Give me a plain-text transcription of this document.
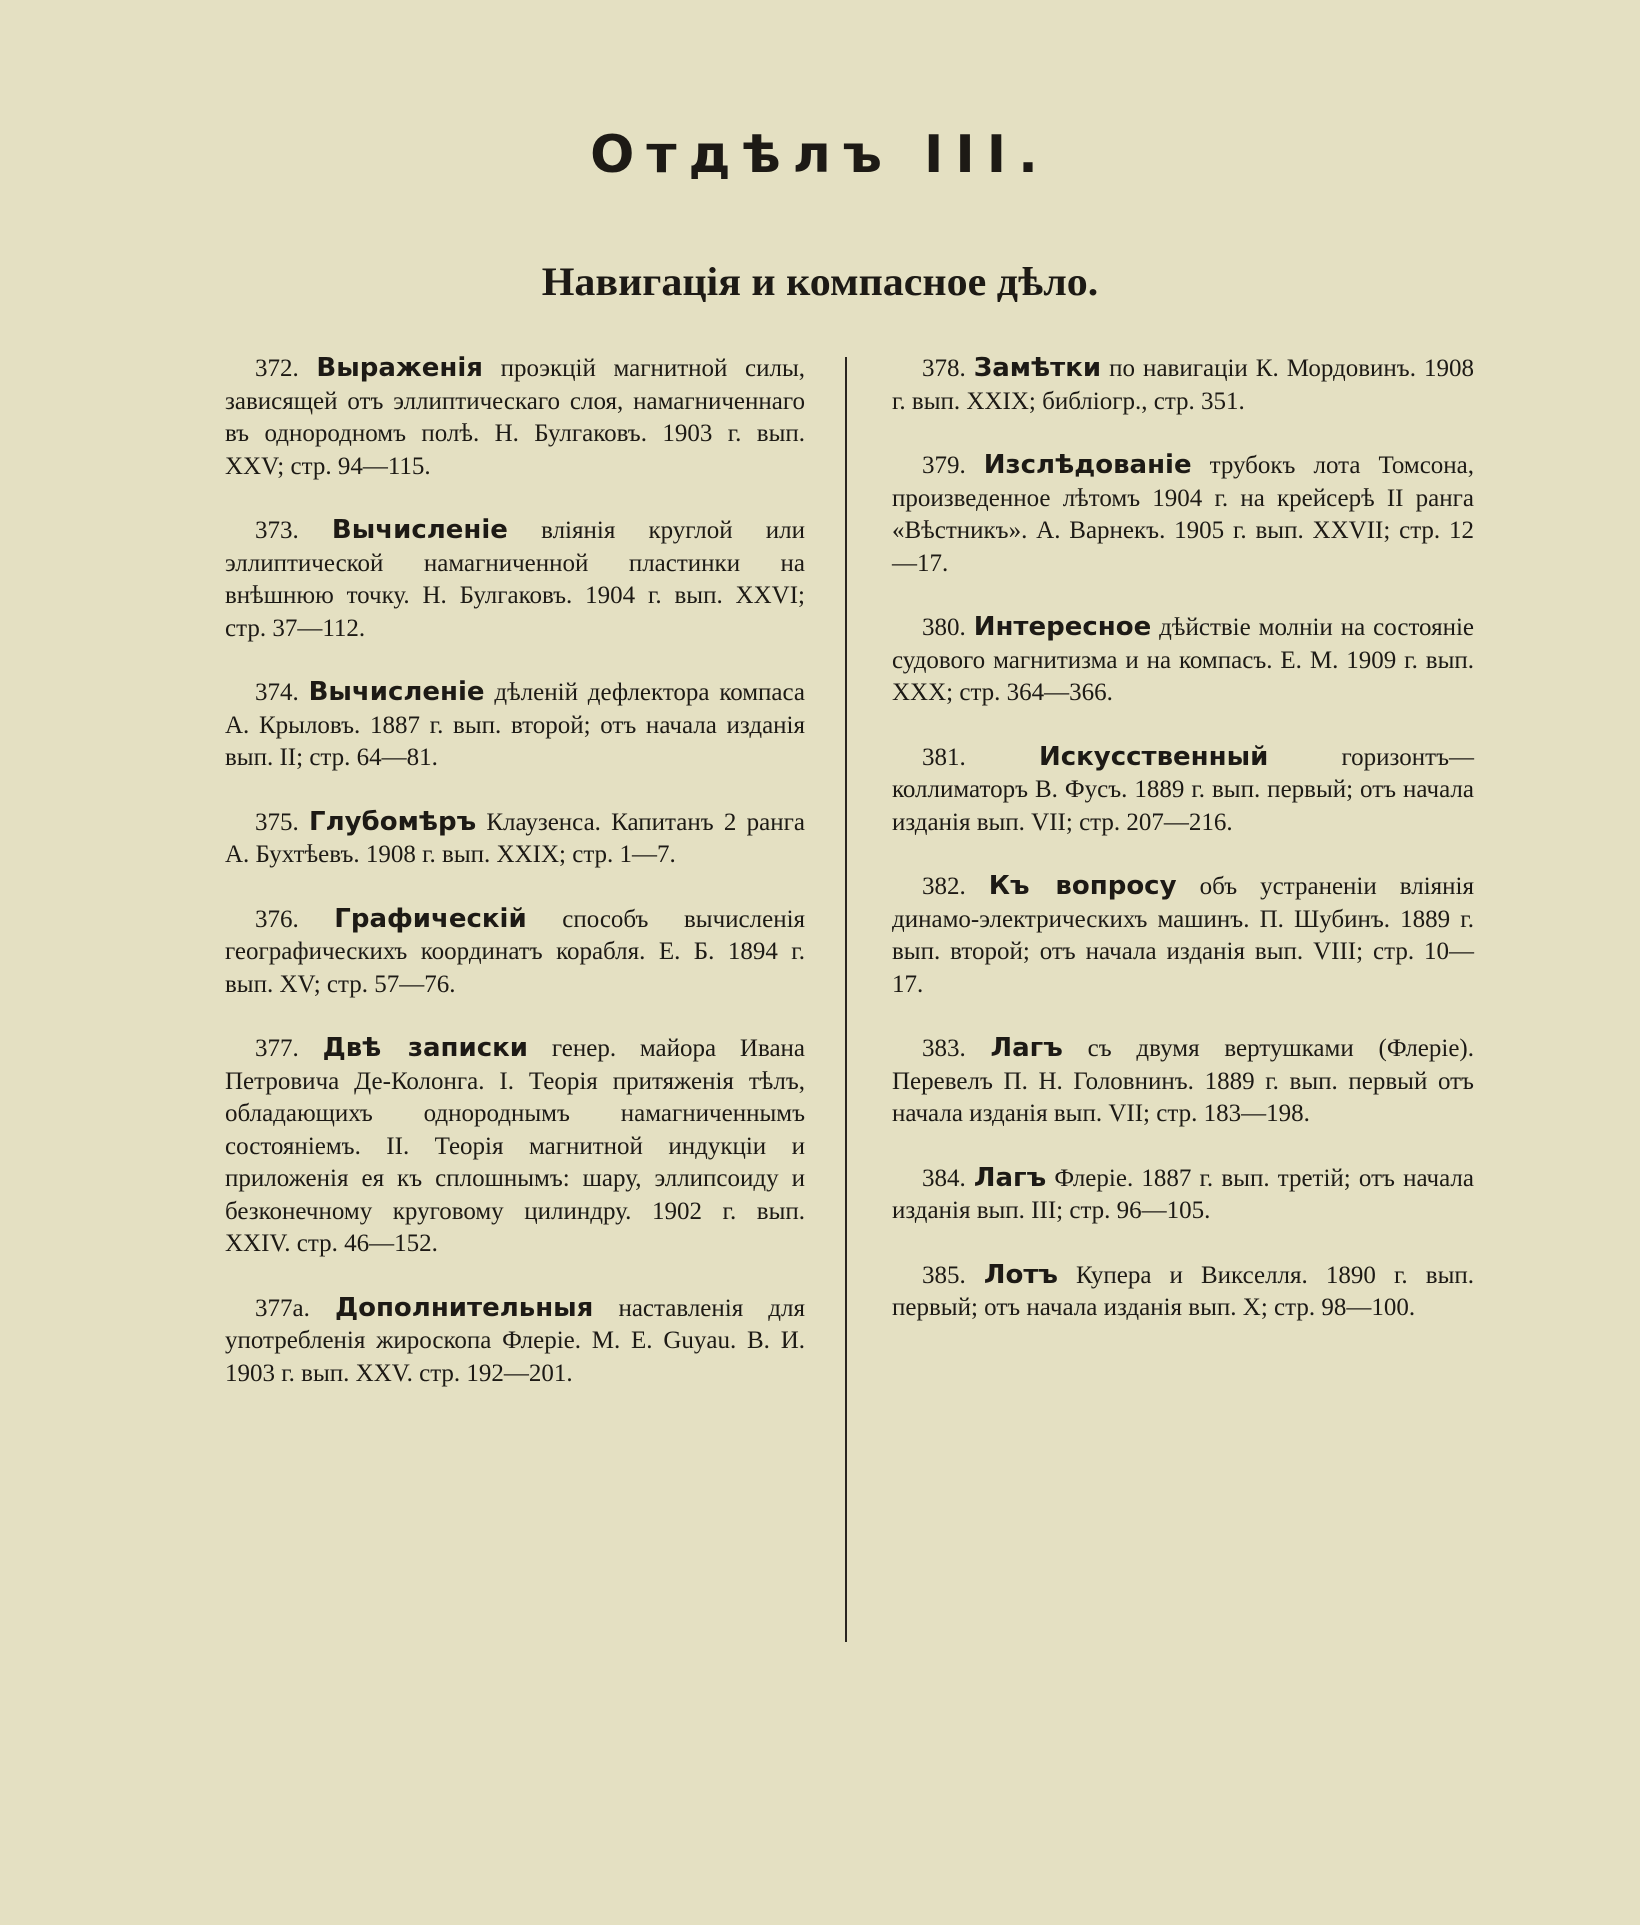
Отдѣлъ III.
Навигація и компасное дѣло.

372. Выраженія проэкцій магнитной силы, зависящей отъ эллиптическаго слоя, намагниченнаго въ однородномъ полѣ. Н. Булгаковъ. 1903 г. вып. XXV; стр. 94—115.

373. Вычисленіе вліянія круглой или эллиптической намагниченной пластинки на внѣшнюю точку. Н. Булгаковъ. 1904 г. вып. XXVI; стр. 37—112.

374. Вычисленіе дѣленій дефлектора компаса А. Крыловъ. 1887 г. вып. второй; отъ начала изданія вып. II; стр. 64—81.

375. Глубомѣръ Клаузенса. Капитанъ 2 ранга А. Бухтѣевъ. 1908 г. вып. XXIX; стр. 1—7.

376. Графическій способъ вычисленія географическихъ координатъ корабля. Е. Б. 1894 г. вып. XV; стр. 57—76.

377. Двѣ записки генер. майора Ивана Петровича Де-Колонга. I. Теорія притяженія тѣлъ, обладающихъ однороднымъ намагниченнымъ состояніемъ. II. Теорія магнитной индукціи и приложенія ея къ сплошнымъ: шару, эллипсоиду и безконечному круговому цилиндру. 1902 г. вып. XXIV. стр. 46—152.

377а. Дополнительныя наставленія для употребленія жироскопа Флеріе. М. Е. Guyau. В. И. 1903 г. вып. XXV. стр. 192—201.

378. Замѣтки по навигаціи К. Мордовинъ. 1908 г. вып. XXIX; библіогр., стр. 351.

379. Изслѣдованіе трубокъ лота Томсона, произведенное лѣтомъ 1904 г. на крейсерѣ II ранга «Вѣстникъ». А. Варнекъ. 1905 г. вып. XXVII; стр. 12—17.

380. Интересное дѣйствіе молніи на состояніе судового магнитизма и на компасъ. Е. М. 1909 г. вып. XXX; стр. 364—366.

381.	Искусственный	горизонтъ—коллиматоръ В. Фусъ. 1889 г. вып. первый; отъ начала изданія вып. VII; стр. 207—216.

382. Къ вопросу объ устраненіи вліянія динамо-электрическихъ машинъ. П. Шубинъ. 1889 г. вып. второй; отъ начала изданія вып. VIII; стр. 10—17.

383. Лагъ съ двумя вертушками (Флеріе). Перевелъ П. Н. Головнинъ. 1889 г. вып. первый отъ начала изданія вып. VII; стр. 183—198.

384. Лагъ Флеріе. 1887 г. вып. третій; отъ начала изданія вып. III; стр. 96—105.

385. Лотъ Купера и Викселля. 1890 г. вып. первый; отъ начала изданія вып. X; стр. 98—100.
